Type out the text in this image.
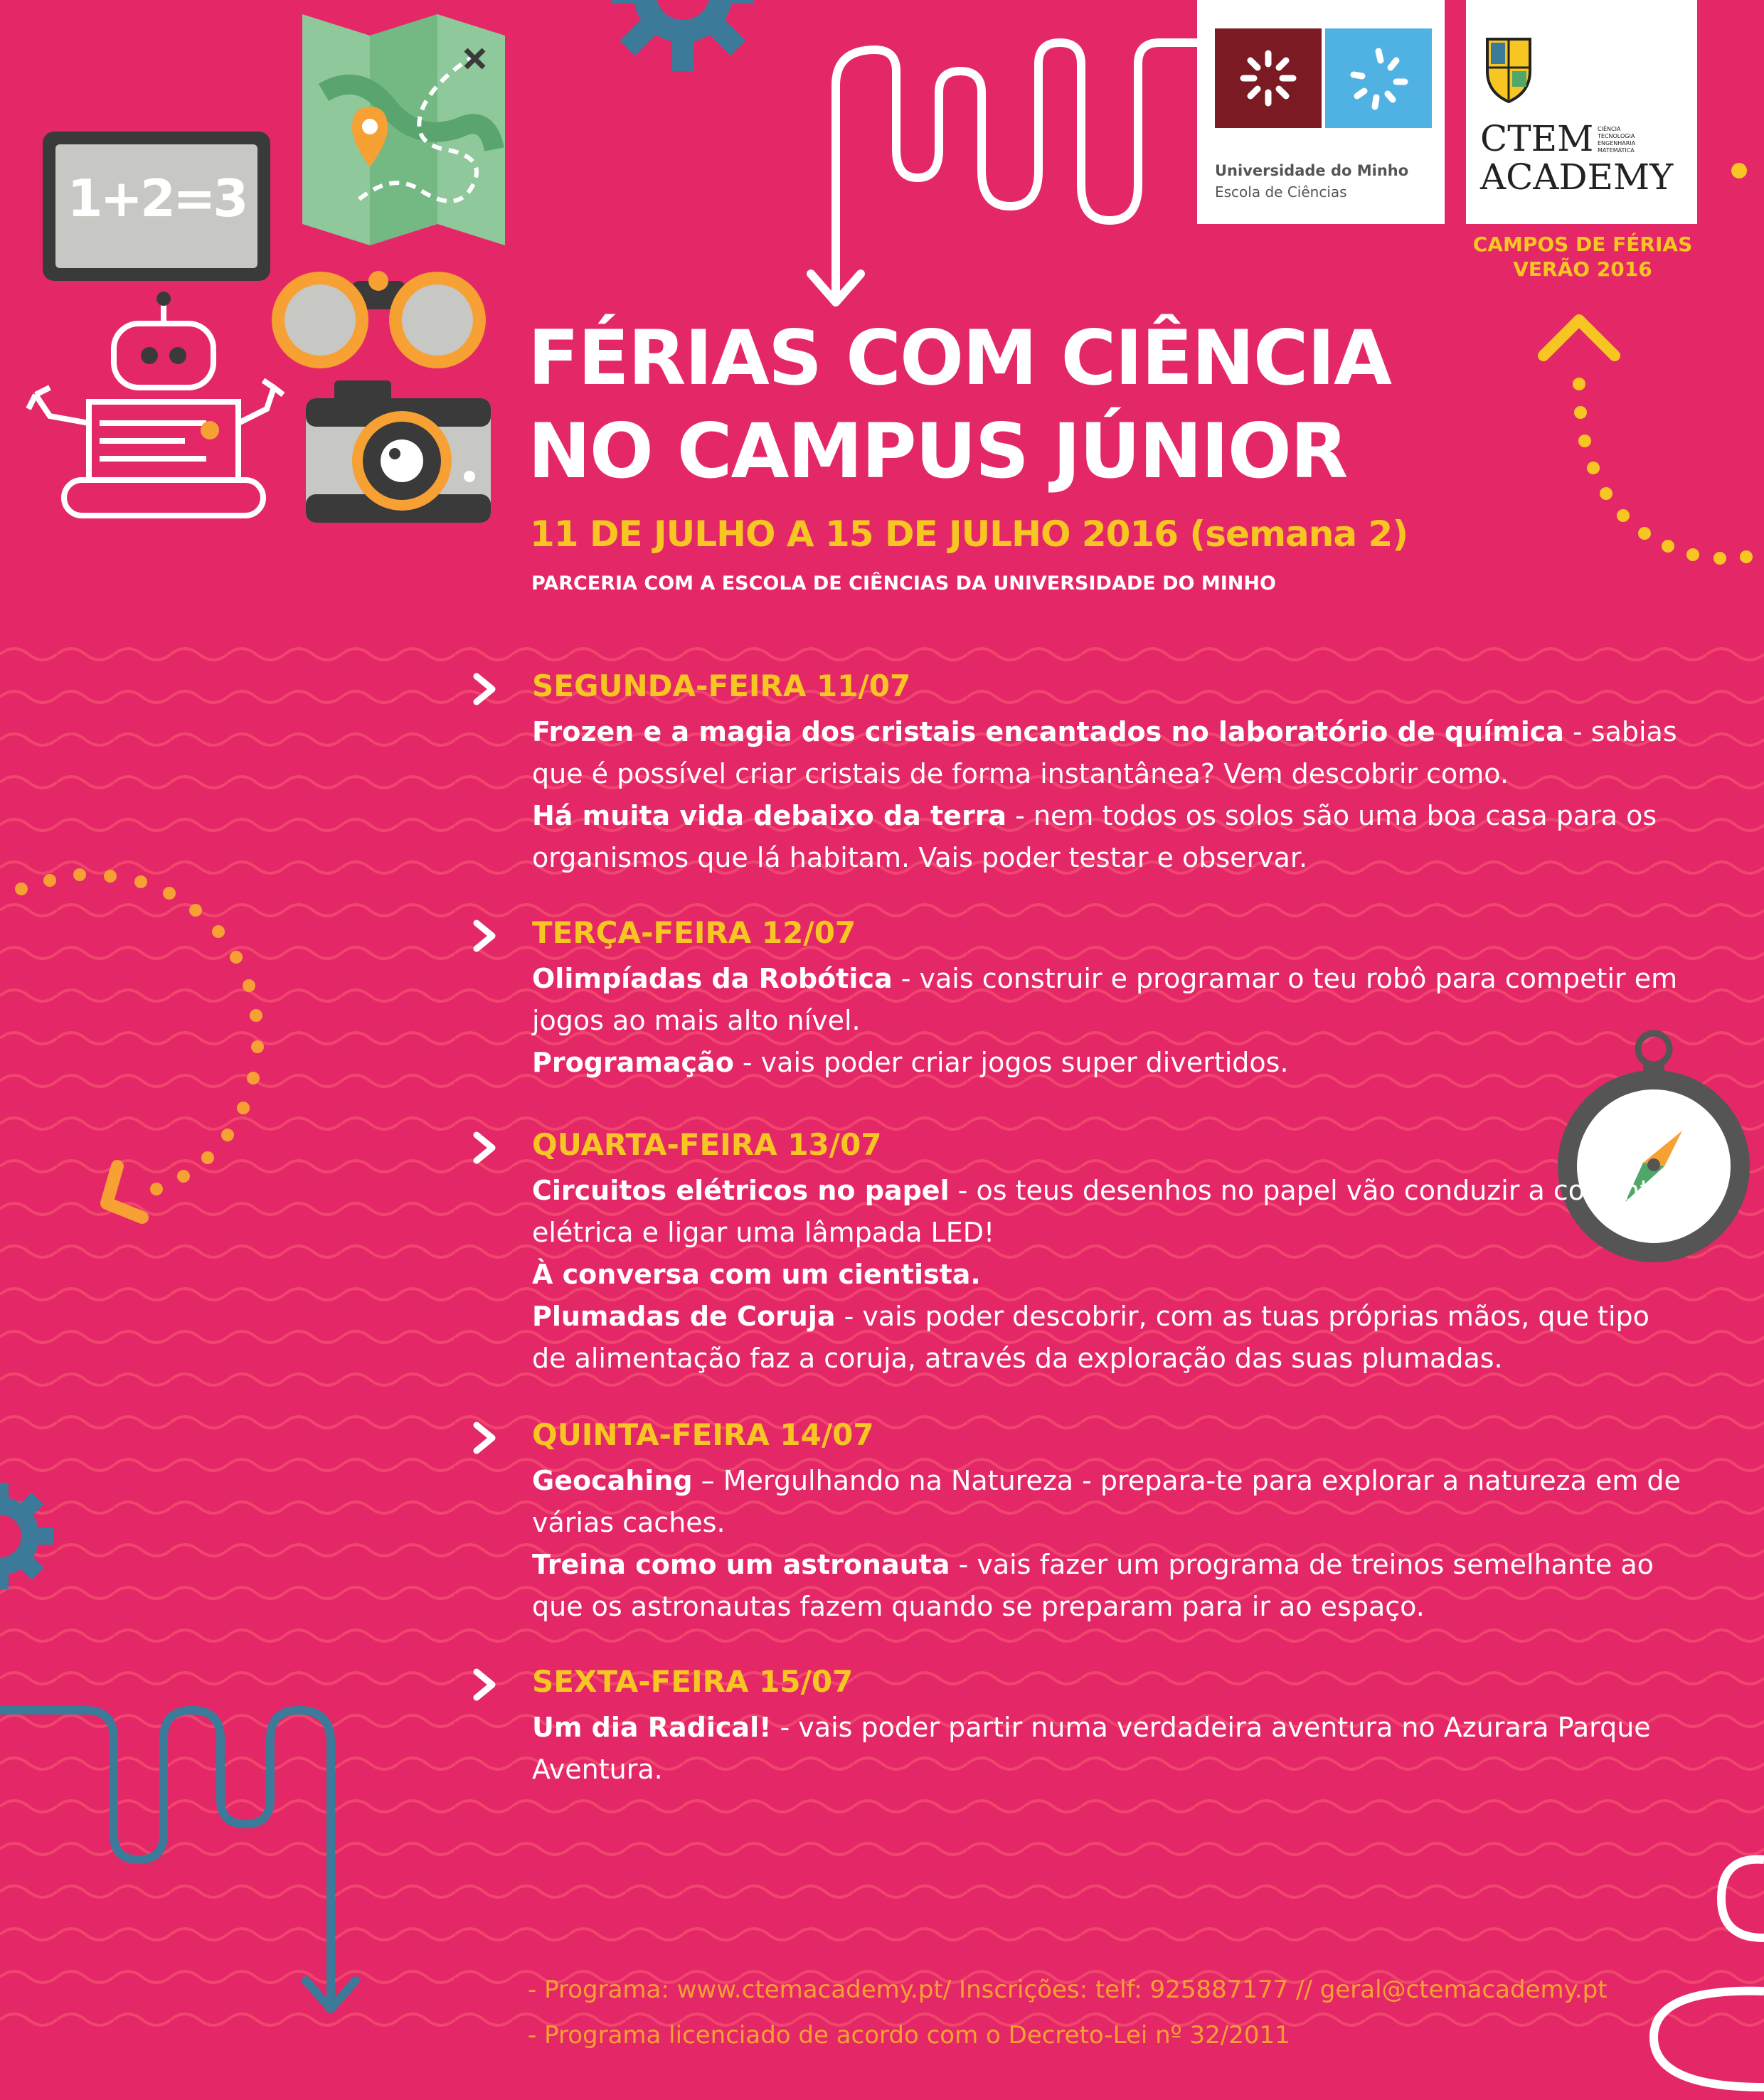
1+2=3	Universidade do Minho
Escola de Ciências
CTEM
ACADEMY
CIÊNCIA
TECNOLOGIA
ENGENHARIA
MATEMÁTICA
CAMPOS DE FÉRIAS
VERÃO 2016
FÉRIAS COM CIÊNCIA
NO CAMPUS JÚNIOR
11 DE JULHO A 15 DE JULHO 2016 (semana 2)
PARCERIA COM A ESCOLA DE CIÊNCIAS DA UNIVERSIDADE DO MINHO
SEGUNDA-FEIRA 11/07

Frozen e a magia dos cristais encantados no laboratório de química - sabias que é possível criar cristais de forma instantânea? Vem descobrir como.

Há muita vida debaixo da terra - nem todos os solos são uma boa casa para os organismos que lá habitam. Vais poder testar e observar.

TERÇA-FEIRA 12/07

Olimpíadas da Robótica - vais construir e programar o teu robô para competir em jogos ao mais alto nível.

Programação - vais poder criar jogos super divertidos.

QUARTA-FEIRA 13/07

Circuitos elétricos no papel - os teus desenhos no papel vão conduzir a corrente elétrica e ligar uma lâmpada LED!

À conversa com um cientista.

Plumadas de Coruja - vais poder descobrir, com as tuas próprias mãos, que tipo de alimentação faz a coruja, através da exploração das suas plumadas.

QUINTA-FEIRA 14/07

Geocahing – Mergulhando na Natureza - prepara-te para explorar a natureza em de várias caches.

Treina como um astronauta - vais fazer um programa de treinos semelhante ao que os astronautas fazem quando se preparam para ir ao espaço.

SEXTA-FEIRA 15/07

Um dia Radical! - vais poder partir numa verdadeira aventura no Azurara Parque Aventura.

- Programa: www.ctemacademy.pt/ Inscrições: telf: 925887177 // geral@ctemacademy.pt
- Programa licenciado de acordo com o Decreto-Lei nº 32/2011
